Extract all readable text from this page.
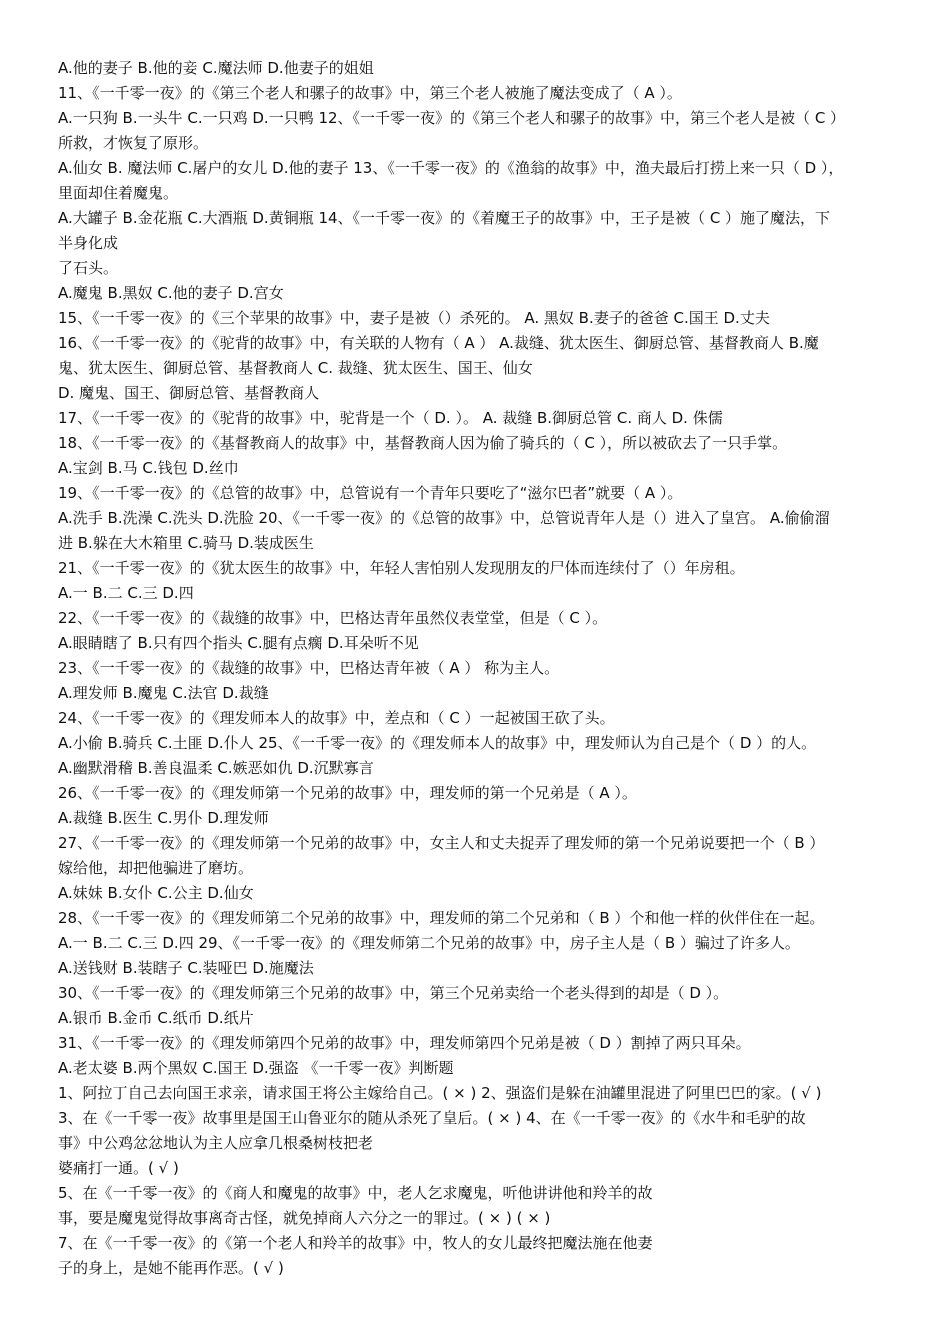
A.他的妻子 B.他的妾 C.魔法师 D.他妻子的姐姐
11、《一千零一夜》的《第三个老人和骡子的故事》中，第三个老人被施了魔法变成了（ A ）。
A.一只狗 B.一头牛 C.一只鸡 D.一只鸭 12、《一千零一夜》的《第三个老人和骡子的故事》中，第三个老人是被（ C ）
所救，才恢复了原形。
A.仙女 B. 魔法师 C.屠户的女儿 D.他的妻子 13、《一千零一夜》的《渔翁的故事》中，渔夫最后打捞上来一只（ D ），
里面却住着魔鬼。
A.大罐子 B.金花瓶 C.大酒瓶 D.黄铜瓶 14、《一千零一夜》的《着魔王子的故事》中，王子是被（ C ）施了魔法，下
半身化成
了石头。
A.魔鬼 B.黑奴 C.他的妻子 D.宫女
15、《一千零一夜》的《三个苹果的故事》中，妻子是被（）杀死的。 A. 黑奴 B.妻子的爸爸 C.国王 D.丈夫
16、《一千零一夜》的《驼背的故事》中，有关联的人物有（ A ） A.裁缝、犹太医生、御厨总管、基督教商人 B.魔
鬼、犹太医生、御厨总管、基督教商人 C. 裁缝、犹太医生、国王、仙女
D. 魔鬼、国王、御厨总管、基督教商人
17、《一千零一夜》的《驼背的故事》中，驼背是一个（ D. ）。 A. 裁缝 B.御厨总管 C. 商人 D. 侏儒
18、《一千零一夜》的《基督教商人的故事》中，基督教商人因为偷了骑兵的（ C ），所以被砍去了一只手掌。
A.宝剑 B.马 C.钱包 D.丝巾
19、《一千零一夜》的《总管的故事》中，总管说有一个青年只要吃了“滋尔巴者”就要（ A ）。
A.洗手 B.洗澡 C.洗头 D.洗脸 20、《一千零一夜》的《总管的故事》中，总管说青年人是（）进入了皇宫。 A.偷偷溜
进 B.躲在大木箱里 C.骑马 D.装成医生
21、《一千零一夜》的《犹太医生的故事》中，年轻人害怕别人发现朋友的尸体而连续付了（）年房租。
A.一 B.二 C.三 D.四
22、《一千零一夜》的《裁缝的故事》中，巴格达青年虽然仪表堂堂，但是（ C ）。
A.眼睛瞎了 B.只有四个指头 C.腿有点瘸 D.耳朵听不见
23、《一千零一夜》的《裁缝的故事》中，巴格达青年被（ A ） 称为主人。
A.理发师 B.魔鬼 C.法官 D.裁缝
24、《一千零一夜》的《理发师本人的故事》中，差点和（ C ）一起被国王砍了头。
A.小偷 B.骑兵 C.土匪 D.仆人 25、《一千零一夜》的《理发师本人的故事》中，理发师认为自己是个（ D ）的人。
A.幽默滑稽 B.善良温柔 C.嫉恶如仇 D.沉默寡言
26、《一千零一夜》的《理发师第一个兄弟的故事》中，理发师的第一个兄弟是（ A ）。
A.裁缝 B.医生 C.男仆 D.理发师
27、《一千零一夜》的《理发师第一个兄弟的故事》中，女主人和丈夫捉弄了理发师的第一个兄弟说要把一个（ B ）
嫁给他，却把他骗进了磨坊。
A.妹妹 B.女仆 C.公主 D.仙女
28、《一千零一夜》的《理发师第二个兄弟的故事》中，理发师的第二个兄弟和（ B ）个和他一样的伙伴住在一起。
A.一 B.二 C.三 D.四 29、《一千零一夜》的《理发师第二个兄弟的故事》中，房子主人是（ B ）骗过了许多人。
A.送钱财 B.装瞎子 C.装哑巴 D.施魔法
30、《一千零一夜》的《理发师第三个兄弟的故事》中，第三个兄弟卖给一个老头得到的却是（ D ）。
A.银币 B.金币 C.纸币 D.纸片
31、《一千零一夜》的《理发师第四个兄弟的故事》中，理发师第四个兄弟是被（ D ）割掉了两只耳朵。
A.老太婆 B.两个黑奴 C.国王 D.强盗 《一千零一夜》判断题
1、阿拉丁自己去向国王求亲，请求国王将公主嫁给自己。( × ) 2、强盗们是躲在油罐里混进了阿里巴巴的家。( √ )
3、在《一千零一夜》故事里是国王山鲁亚尔的随从杀死了皇后。( × ) 4、在《一千零一夜》的《水牛和毛驴的故
事》中公鸡忿忿地认为主人应拿几根桑树枝把老
婆痛打一通。( √ )
5、在《一千零一夜》的《商人和魔鬼的故事》中，老人乞求魔鬼，听他讲讲他和羚羊的故
事，要是魔鬼觉得故事离奇古怪，就免掉商人六分之一的罪过。( × ) ( × )
7、在《一千零一夜》的《第一个老人和羚羊的故事》中，牧人的女儿最终把魔法施在他妻
子的身上，是她不能再作恶。( √ )
